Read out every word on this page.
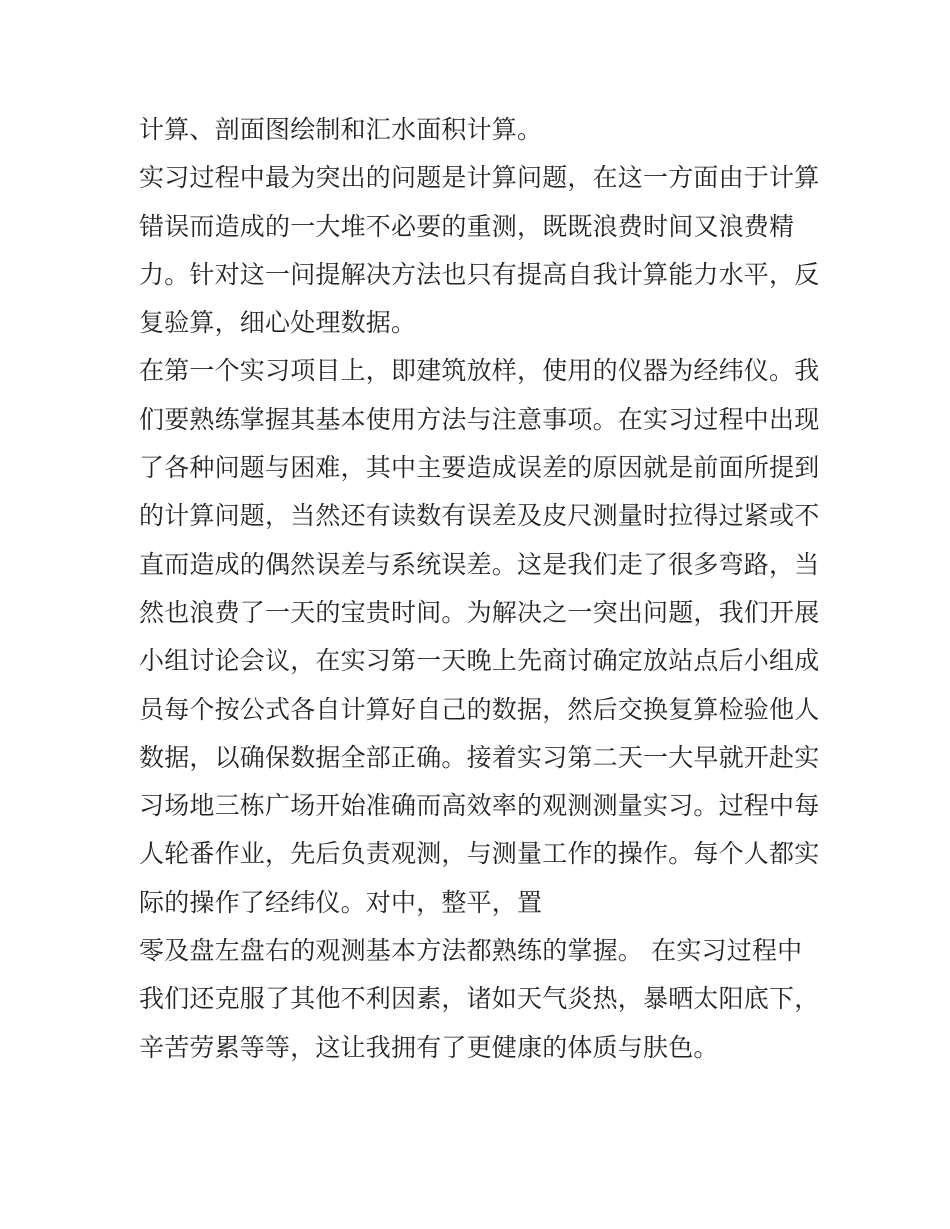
计算、剖面图绘制和汇水面积计算。
实习过程中最为突出的问题是计算问题，在这一方面由于计算
错误而造成的一大堆不必要的重测，既既浪费时间又浪费精
力。针对这一问提解决方法也只有提高自我计算能力水平，反
复验算，细心处理数据。
在第一个实习项目上，即建筑放样，使用的仪器为经纬仪。我
们要熟练掌握其基本使用方法与注意事项。在实习过程中出现
了各种问题与困难，其中主要造成误差的原因就是前面所提到
的计算问题，当然还有读数有误差及皮尺测量时拉得过紧或不
直而造成的偶然误差与系统误差。这是我们走了很多弯路，当
然也浪费了一天的宝贵时间。为解决之一突出问题，我们开展
小组讨论会议，在实习第一天晚上先商讨确定放站点后小组成
员每个按公式各自计算好自己的数据，然后交换复算检验他人
数据，以确保数据全部正确。接着实习第二天一大早就开赴实
习场地三栋广场开始准确而高效率的观测测量实习。过程中每
人轮番作业，先后负责观测，与测量工作的操作。每个人都实
际的操作了经纬仪。对中，整平，置
零及盘左盘右的观测基本方法都熟练的掌握。 在实习过程中
我们还克服了其他不利因素，诸如天气炎热，暴晒太阳底下，
辛苦劳累等等，这让我拥有了更健康的体质与肤色。
